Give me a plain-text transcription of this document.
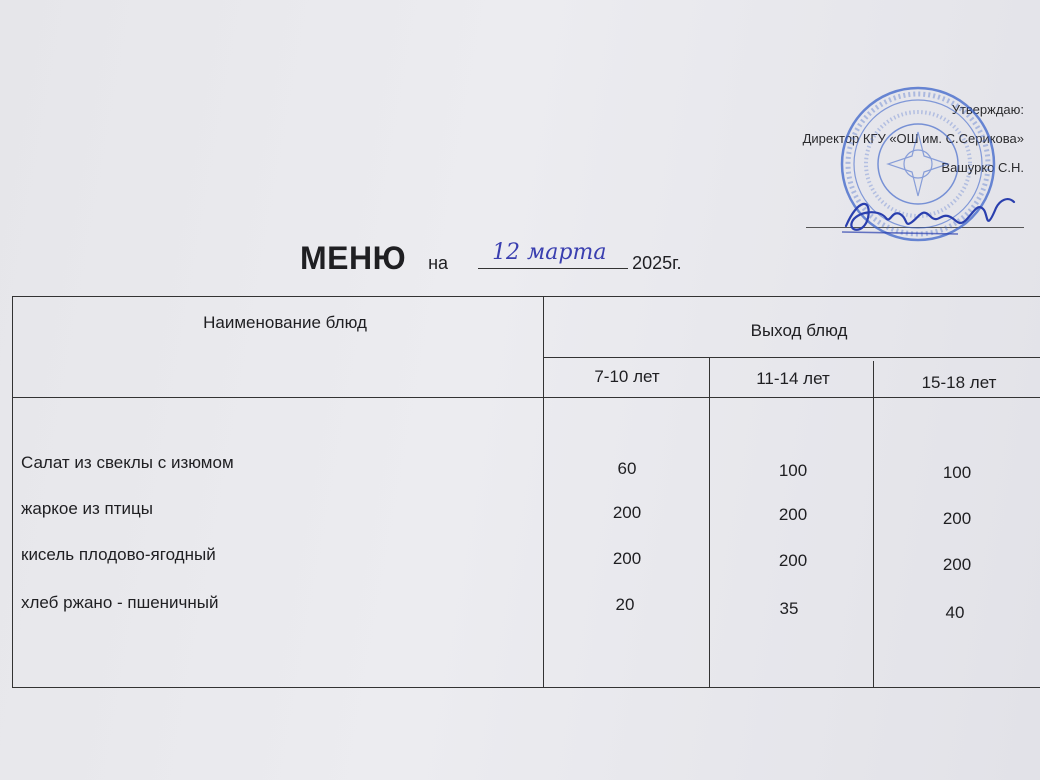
Утверждаю:
Директор КГУ «ОШ им. С.Серикова»
Вашурко С.Н.
МЕНЮ на 12 марта 2025г.
Наименование блюд	Выход блюд
7-10 лет	11-14 лет	15-18 лет
Салат из свеклы с изюмом	60	100	100
жаркое из птицы	200	200	200
кисель плодово-ягодный	200	200	200
хлеб ржано - пшеничный	20	35	40
